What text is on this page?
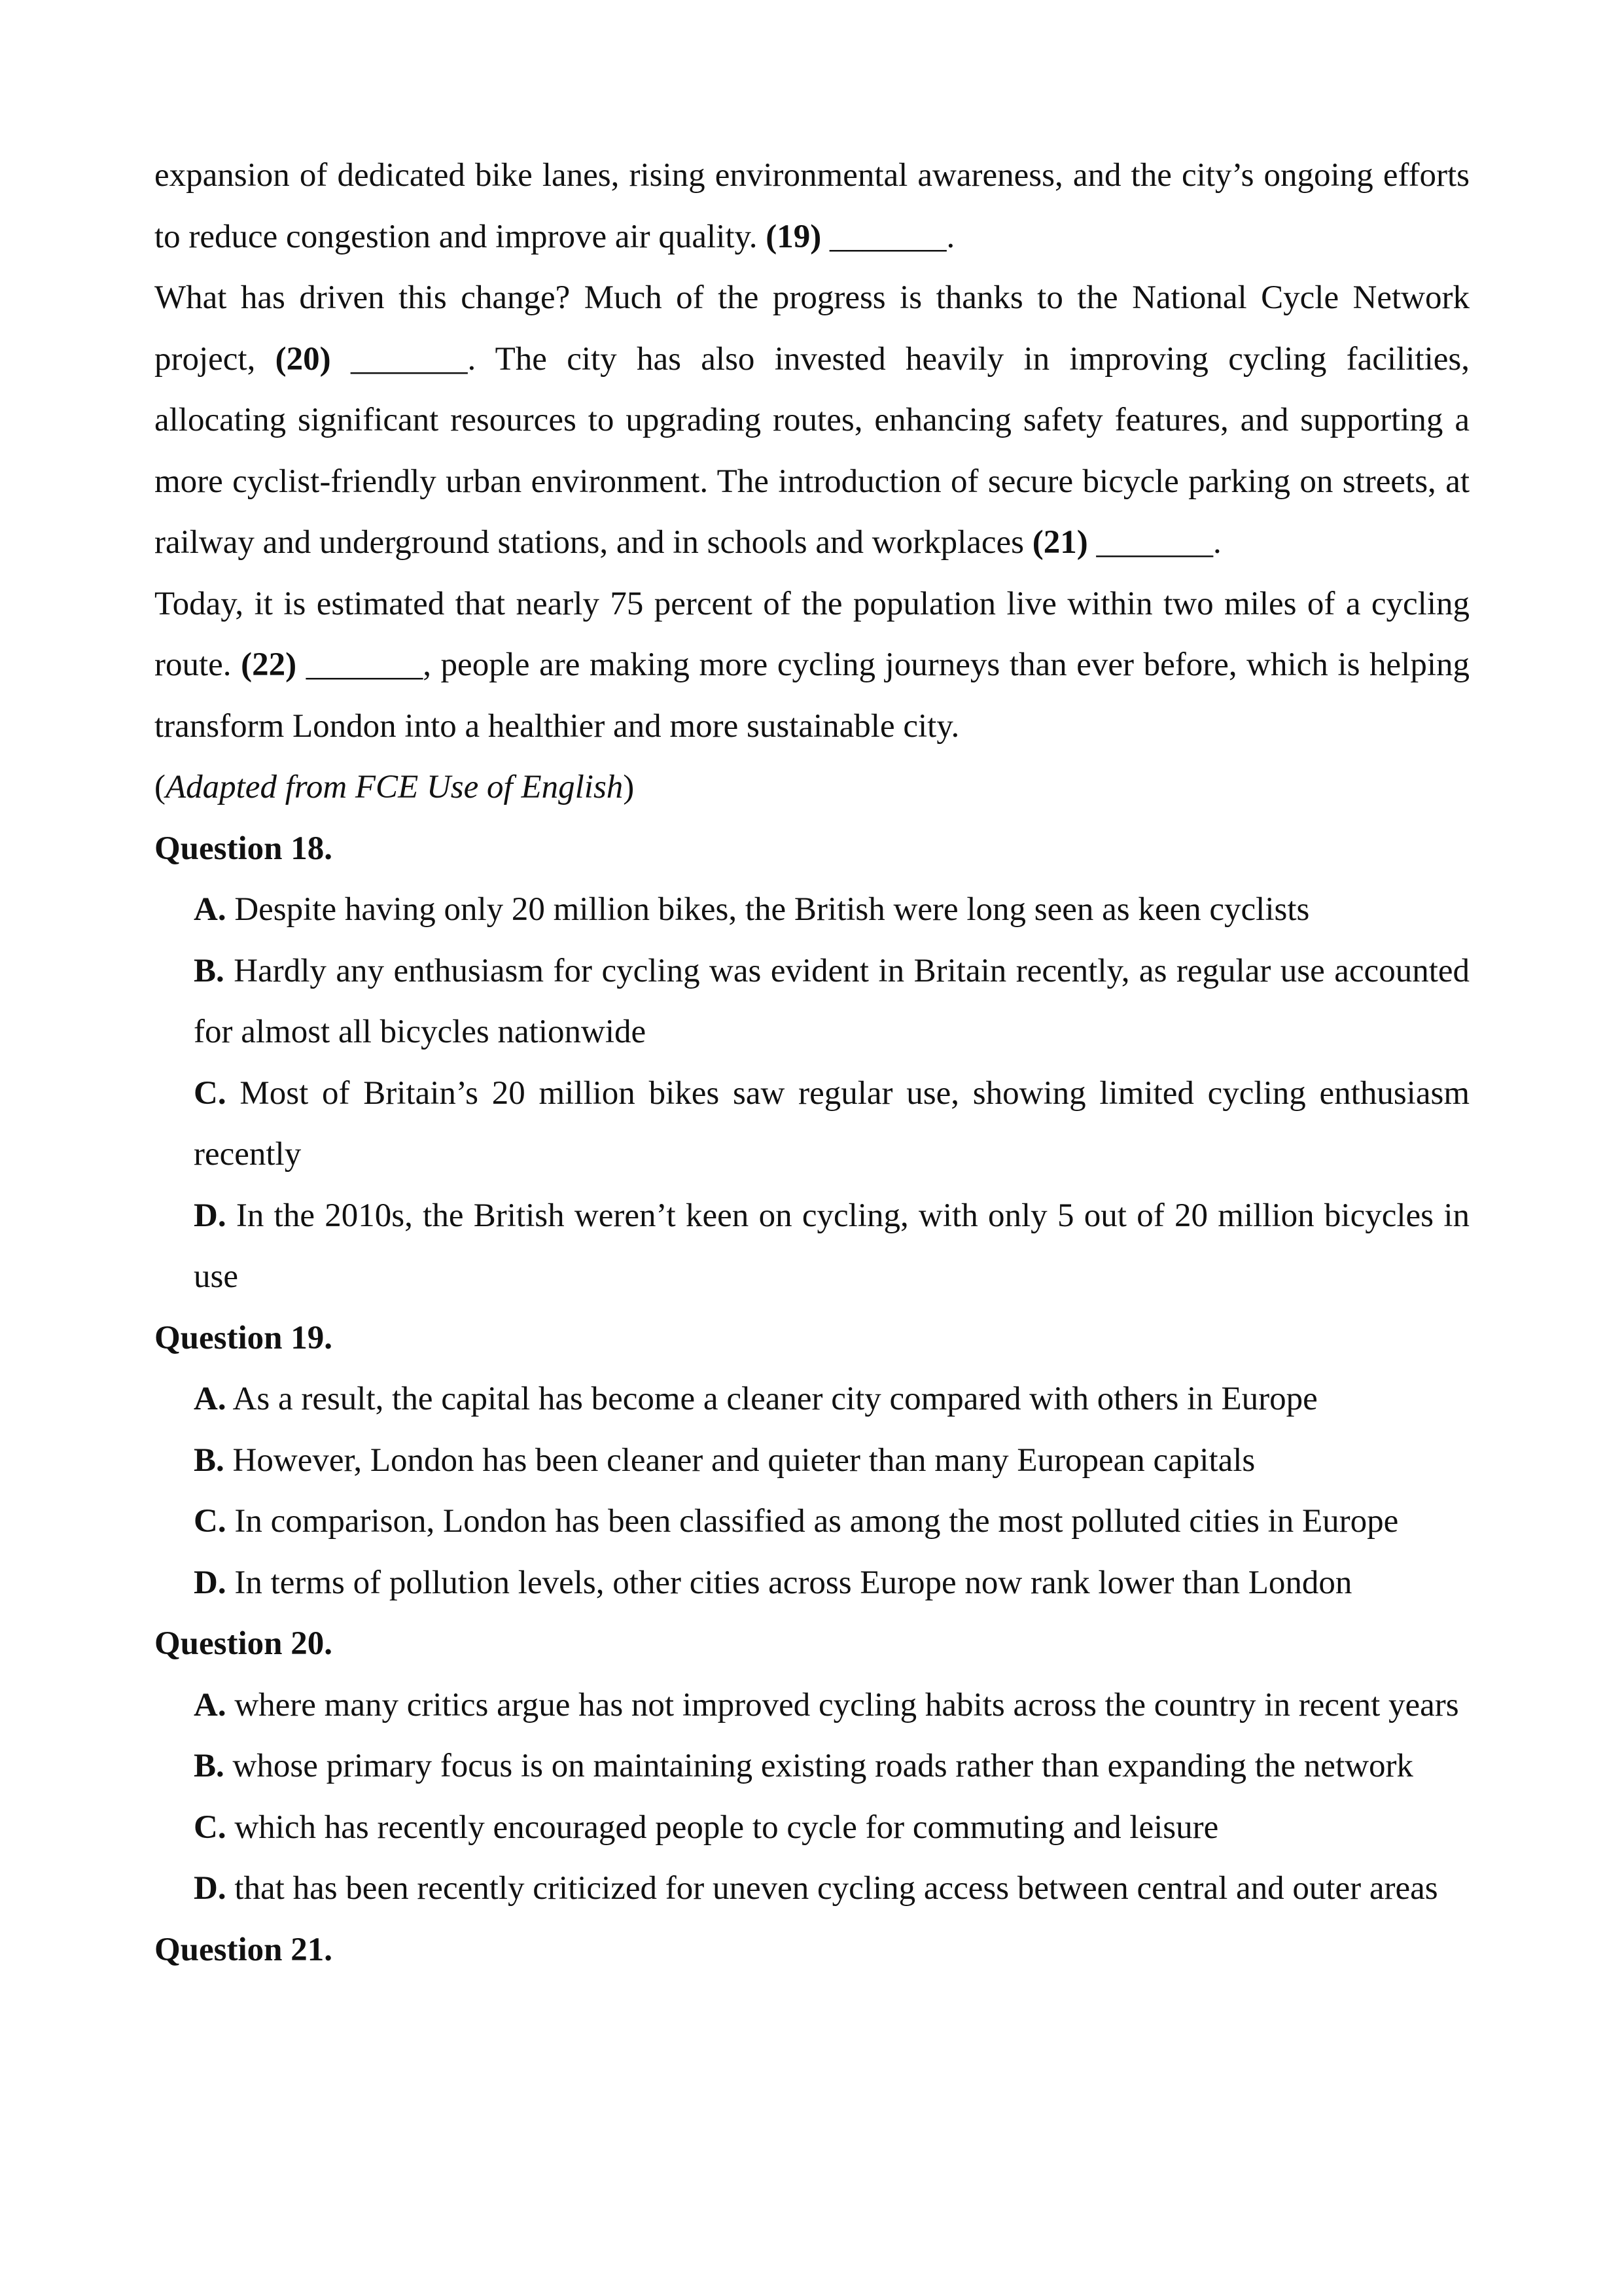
expansion of dedicated bike lanes, rising environmental awareness, and the city’s ongoing efforts to reduce congestion and improve air quality. (19) _______.

What has driven this change? Much of the progress is thanks to the National Cycle Network project, (20) _______. The city has also invested heavily in improving cycling facilities, allocating significant resources to upgrading routes, enhancing safety features, and supporting a more cyclist-friendly urban environment. The introduction of secure bicycle parking on streets, at railway and underground stations, and in schools and workplaces (21) _______.

Today, it is estimated that nearly 75 percent of the population live within two miles of a cycling route. (22) _______, people are making more cycling journeys than ever before, which is helping transform London into a healthier and more sustainable city.

(Adapted from FCE Use of English)

Question 18.

A. Despite having only 20 million bikes, the British were long seen as keen cyclists

B. Hardly any enthusiasm for cycling was evident in Britain recently, as regular use accounted for almost all bicycles nationwide

C. Most of Britain’s 20 million bikes saw regular use, showing limited cycling enthusiasm recently

D. In the 2010s, the British weren’t keen on cycling, with only 5 out of 20 million bicycles in use

Question 19.

A. As a result, the capital has become a cleaner city compared with others in Europe

B. However, London has been cleaner and quieter than many European capitals

C. In comparison, London has been classified as among the most polluted cities in Europe

D. In terms of pollution levels, other cities across Europe now rank lower than London

Question 20.

A. where many critics argue has not improved cycling habits across the country in recent years

B. whose primary focus is on maintaining existing roads rather than expanding the network

C. which has recently encouraged people to cycle for commuting and leisure

D. that has been recently criticized for uneven cycling access between central and outer areas

Question 21.
